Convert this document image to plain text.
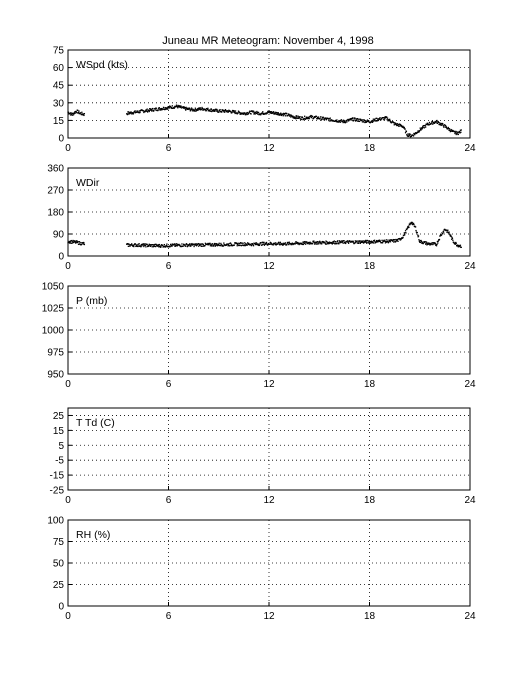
Juneau MR Meteogram: November 4, 1998
0	6	12	18	24
0
15
30
45
60
75
WSpd (kts)
0	6	12	18	24
0
90
180
270
360
WDir
0	6	12	18	24
950
975
1000
1025
1050
P (mb)
0	6	12	18	24
-25
-15
-5
5
15
25
T Td (C)
0	6	12	18	24
0
25
50
75
100
RH (%)
